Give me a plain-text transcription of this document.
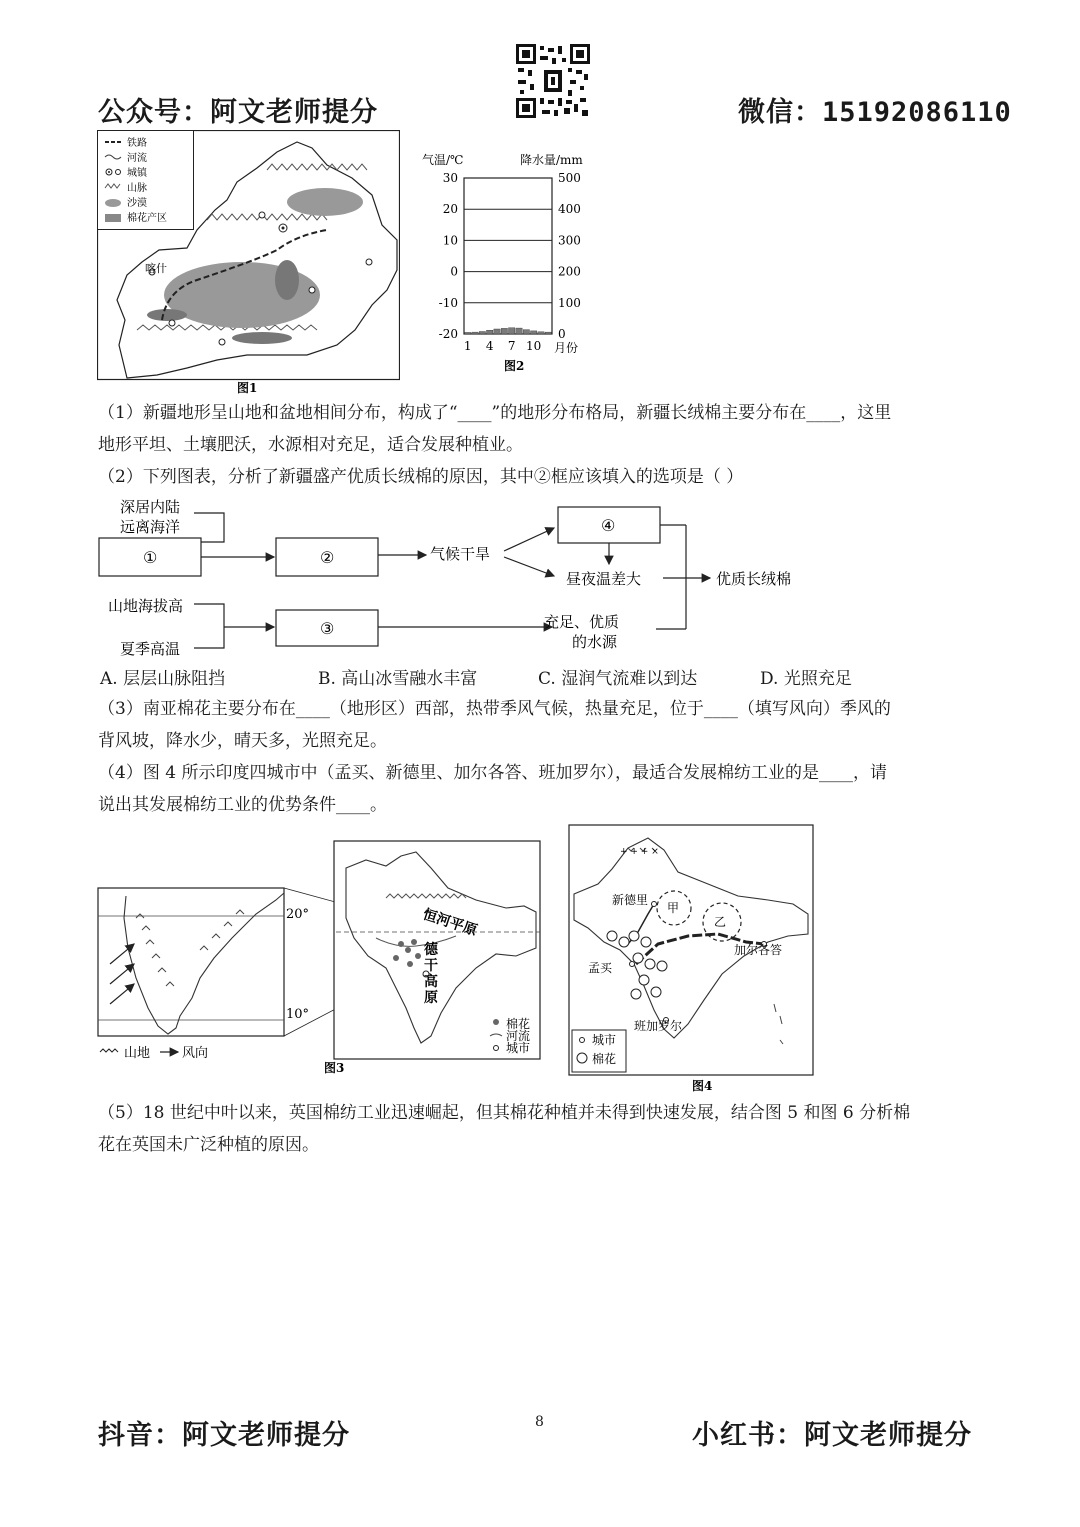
公众号：阿文老师提分	微信：15192086110
铁路
河流
城镇
山脉
沙漠
棉花产区
喀什
图1
气温/℃	降水量/mm
30
20
10
0
-10
-20
500
400
300
200
100
0
1 4 7 10 月份
图2
（1）新疆地形呈山地和盆地相间分布，构成了“____”的地形分布格局，新疆长绒棉主要分布在____，这里
地形平坦、土壤肥沃，水源相对充足，适合发展种植业。
（2）下列图表，分析了新疆盛产优质长绒棉的原因，其中②框应该填入的选项是（ ）
深居内陆
远离海洋
①	②	气候干旱
④
昼夜温差大	优质长绒棉
山地海拔高
夏季高温
③	充足、优质
的水源
A. 层层山脉阻挡	B. 高山冰雪融水丰富	C. 湿润气流难以到达	D. 光照充足
（3）南亚棉花主要分布在____（地形区）西部，热带季风气候，热量充足，位于____（填写风向）季风的
背风坡，降水少，晴天多，光照充足。
（4）图 4 所示印度四城市中（孟买、新德里、加尔各答、班加罗尔），最适合发展棉纺工业的是____，请
说出其发展棉纺工业的优势条件____。
20°
10°
山地 风向
恒河平原
德
干
高
原
棉花
河流
城市
图3
+ + + ×
甲
乙
新德里
孟买
加尔各答
班加罗尔
城市
棉花
图4
（5）18 世纪中叶以来，英国棉纺工业迅速崛起，但其棉花种植并未得到快速发展，结合图 5 和图 6 分析棉
花在英国未广泛种植的原因。
抖音：阿文老师提分	8	小红书：阿文老师提分
